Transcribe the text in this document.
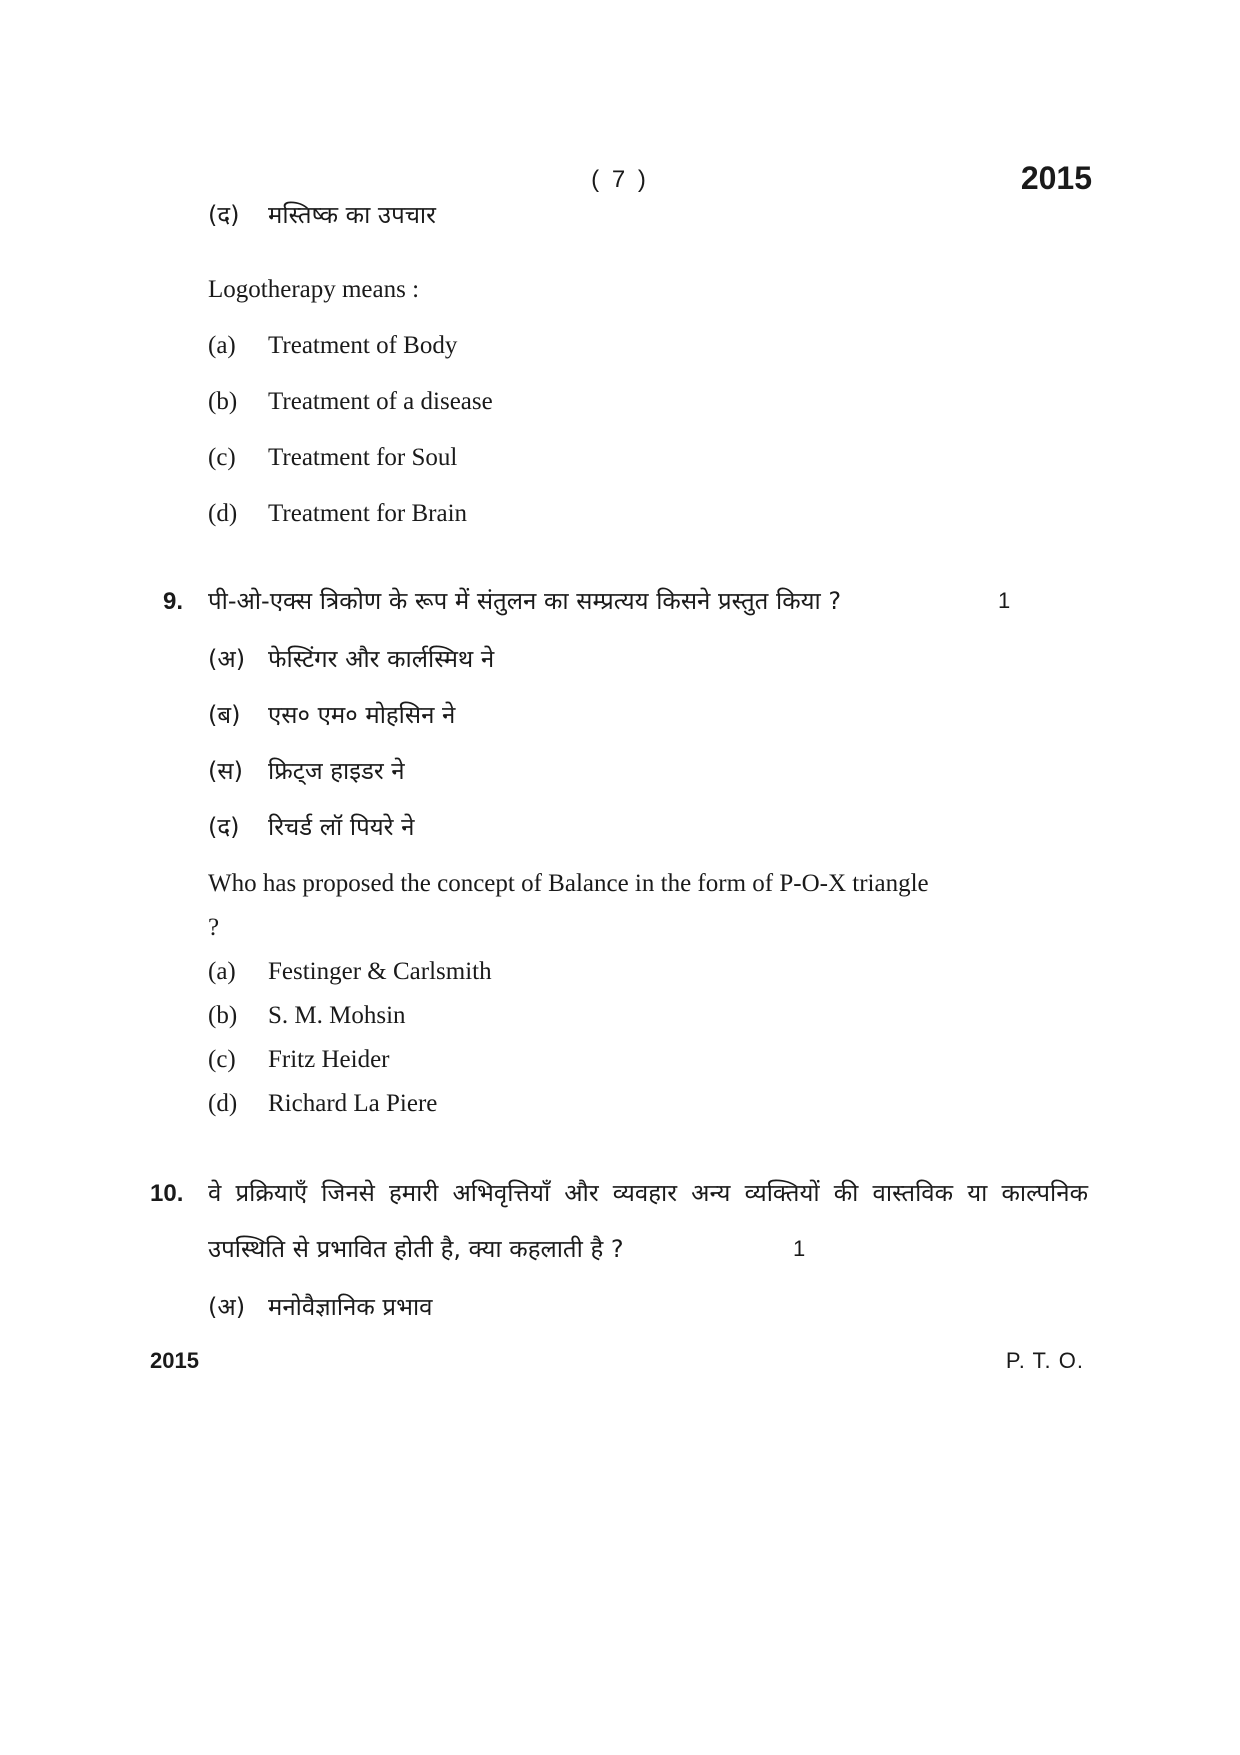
( 7 )	2015
(द) मस्तिष्क का उपचार
Logotherapy means :
(a) Treatment of Body
(b) Treatment of a disease
(c) Treatment for Soul
(d) Treatment for Brain
9. पी-ओ-एक्स त्रिकोण के रूप में संतुलन का सम्प्रत्यय किसने प्रस्तुत किया ?	1
(अ) फेस्टिंगर और कार्लस्मिथ ने
(ब) एस० एम० मोहसिन ने
(स) फ्रिट्ज हाइडर ने
(द) रिचर्ड लॉ पियरे ने
Who has proposed the concept of Balance in the form of P-O-X triangle
?
(a) Festinger & Carlsmith
(b) S. M. Mohsin
(c) Fritz Heider
(d) Richard La Piere
10. वे प्रक्रियाएँ जिनसे हमारी अभिवृत्तियाँ और व्यवहार अन्य व्यक्तियों की वास्तविक या काल्पनिक
उपस्थिति से प्रभावित होती है, क्या कहलाती है ?	1
(अ) मनोवैज्ञानिक प्रभाव
2015	P. T. O.
